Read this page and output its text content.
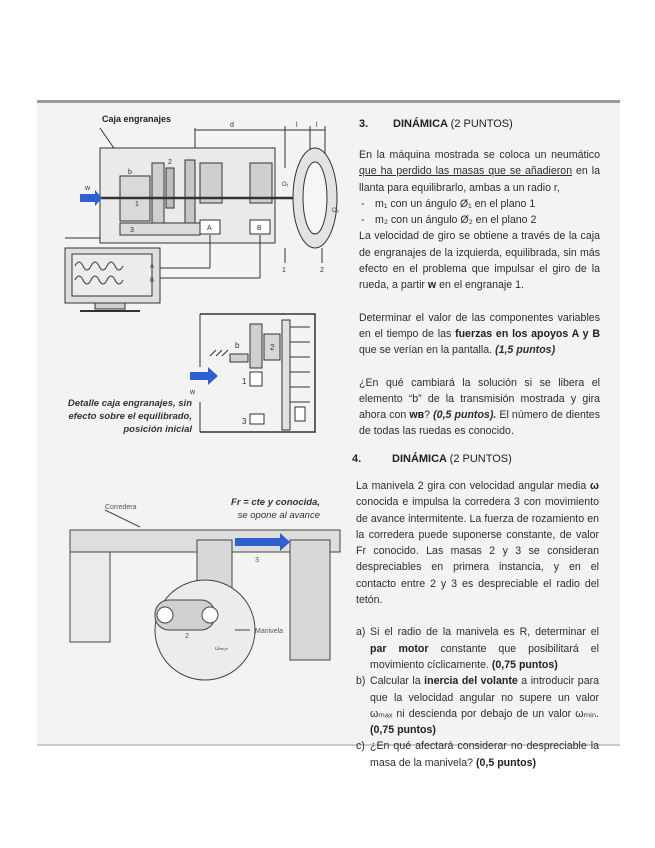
Caja engranajes
d	l	l
b
2
1
w
3	A	B
O₁
O₂
1	2
A
B
b	2
w
1
3
Detalle caja engranajes, sin
efecto sobre el equilibrado,
posición inicial
Fr = cte y conocida,
se opone al avance
Corredera
Manivela
3
2
ωₘₑₙ
3. DINÁMICA (2 PUNTOS)

En la máquina mostrada se coloca un neumático que ha perdido las masas que se añadieron en la llanta para equilibrarlo, ambas a un radio r,

- m₁ con un ángulo Ø₁ en el plano 1
- m₂ con un ángulo Ø₂ en el plano 2

La velocidad de giro se obtiene a través de la caja de engranajes de la izquierda, equilibrada, sin más efecto en el problema que impulsar el giro de la rueda, a partir w en el engranaje 1.

Determinar el valor de las componentes variables en el tiempo de las fuerzas en los apoyos A y B que se verían en la pantalla. (1,5 puntos)

¿En qué cambiará la solución si se libera el elemento “b” de la transmisión mostrada y gira ahora con wʙ? (0,5 puntos). El número de dientes de todas las ruedas es conocido.

4.	DINÁMICA (2 PUNTOS)

La manivela 2 gira con velocidad angular media ω conocida e impulsa la corredera 3 con movimiento de avance intermitente. La fuerza de rozamiento en la corredera puede suponerse constante, de valor Fr conocido. Las masas 2 y 3 se consideran despreciables en primera instancia, y en el contacto entre 2 y 3 es despreciable el radio del tetón.

a) Si el radio de la manivela es R, determinar el par motor constante que posibilitará el movimiento cíclicamente. (0,75 puntos)
b) Calcular la inercia del volante a introducir para que la velocidad angular no supere un valor ωₘₐₓ ni descienda por debajo de un valor ωₘᵢₙ. (0,75 puntos)
c) ¿En qué afectará considerar no despreciable la masa de la manivela? (0,5 puntos)
